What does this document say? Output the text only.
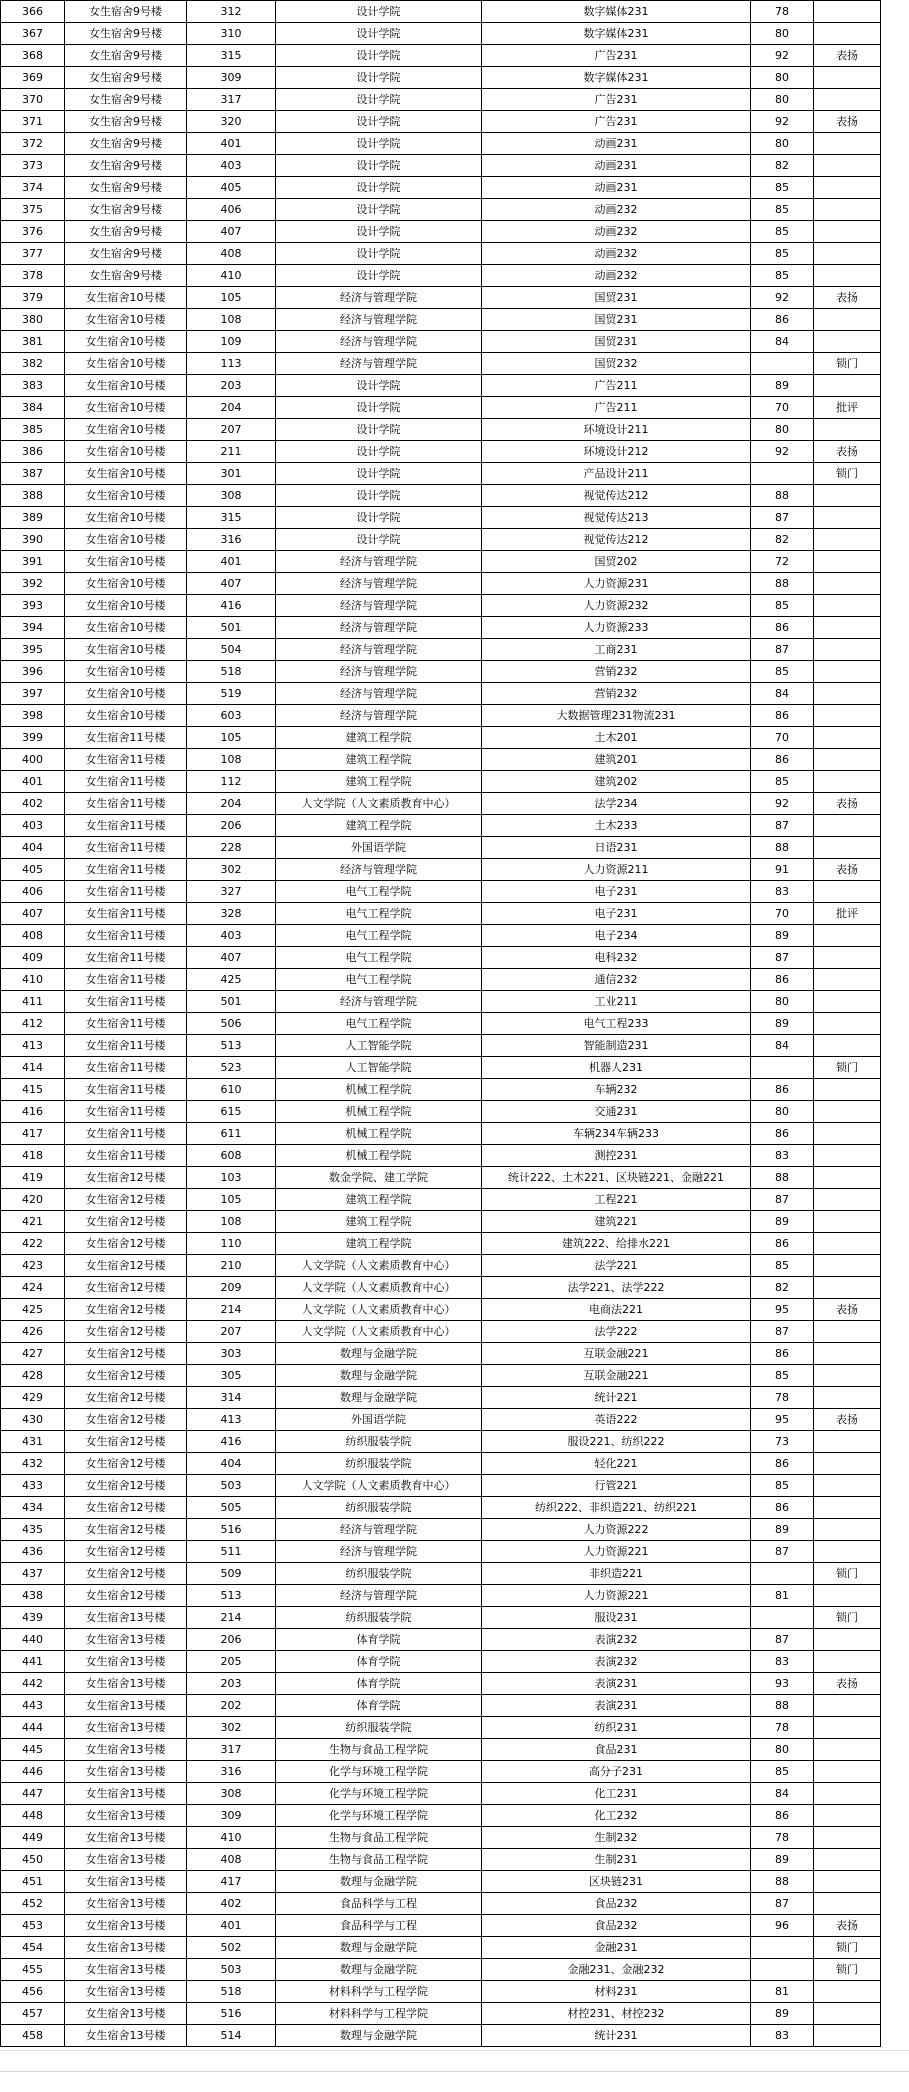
366	女生宿舍9号楼	312	设计学院	数字媒体231	78	
367	女生宿舍9号楼	310	设计学院	数字媒体231	80	
368	女生宿舍9号楼	315	设计学院	广告231	92	表扬
369	女生宿舍9号楼	309	设计学院	数字媒体231	80	
370	女生宿舍9号楼	317	设计学院	广告231	80	
371	女生宿舍9号楼	320	设计学院	广告231	92	表扬
372	女生宿舍9号楼	401	设计学院	动画231	80	
373	女生宿舍9号楼	403	设计学院	动画231	82	
374	女生宿舍9号楼	405	设计学院	动画231	85	
375	女生宿舍9号楼	406	设计学院	动画232	85	
376	女生宿舍9号楼	407	设计学院	动画232	85	
377	女生宿舍9号楼	408	设计学院	动画232	85	
378	女生宿舍9号楼	410	设计学院	动画232	85	
379	女生宿舍10号楼	105	经济与管理学院	国贸231	92	表扬
380	女生宿舍10号楼	108	经济与管理学院	国贸231	86	
381	女生宿舍10号楼	109	经济与管理学院	国贸231	84	
382	女生宿舍10号楼	113	经济与管理学院	国贸232		锁门
383	女生宿舍10号楼	203	设计学院	广告211	89	
384	女生宿舍10号楼	204	设计学院	广告211	70	批评
385	女生宿舍10号楼	207	设计学院	环境设计211	80	
386	女生宿舍10号楼	211	设计学院	环境设计212	92	表扬
387	女生宿舍10号楼	301	设计学院	产品设计211		锁门
388	女生宿舍10号楼	308	设计学院	视觉传达212	88	
389	女生宿舍10号楼	315	设计学院	视觉传达213	87	
390	女生宿舍10号楼	316	设计学院	视觉传达212	82	
391	女生宿舍10号楼	401	经济与管理学院	国贸202	72	
392	女生宿舍10号楼	407	经济与管理学院	人力资源231	88	
393	女生宿舍10号楼	416	经济与管理学院	人力资源232	85	
394	女生宿舍10号楼	501	经济与管理学院	人力资源233	86	
395	女生宿舍10号楼	504	经济与管理学院	工商231	87	
396	女生宿舍10号楼	518	经济与管理学院	营销232	85	
397	女生宿舍10号楼	519	经济与管理学院	营销232	84	
398	女生宿舍10号楼	603	经济与管理学院	大数据管理231物流231	86	
399	女生宿舍11号楼	105	建筑工程学院	土木201	70	
400	女生宿舍11号楼	108	建筑工程学院	建筑201	86	
401	女生宿舍11号楼	112	建筑工程学院	建筑202	85	
402	女生宿舍11号楼	204	人文学院（人文素质教育中心）	法学234	92	表扬
403	女生宿舍11号楼	206	建筑工程学院	土木233	87	
404	女生宿舍11号楼	228	外国语学院	日语231	88	
405	女生宿舍11号楼	302	经济与管理学院	人力资源211	91	表扬
406	女生宿舍11号楼	327	电气工程学院	电子231	83	
407	女生宿舍11号楼	328	电气工程学院	电子231	70	批评
408	女生宿舍11号楼	403	电气工程学院	电子234	89	
409	女生宿舍11号楼	407	电气工程学院	电科232	87	
410	女生宿舍11号楼	425	电气工程学院	通信232	86	
411	女生宿舍11号楼	501	经济与管理学院	工业211	80	
412	女生宿舍11号楼	506	电气工程学院	电气工程233	89	
413	女生宿舍11号楼	513	人工智能学院	智能制造231	84	
414	女生宿舍11号楼	523	人工智能学院	机器人231		锁门
415	女生宿舍11号楼	610	机械工程学院	车辆232	86	
416	女生宿舍11号楼	615	机械工程学院	交通231	80	
417	女生宿舍11号楼	611	机械工程学院	车辆234车辆233	86	
418	女生宿舍11号楼	608	机械工程学院	测控231	83	
419	女生宿舍12号楼	103	数金学院、建工学院	统计222、土木221、区块链221、金融221	88	
420	女生宿舍12号楼	105	建筑工程学院	工程221	87	
421	女生宿舍12号楼	108	建筑工程学院	建筑221	89	
422	女生宿舍12号楼	110	建筑工程学院	建筑222、给排水221	86	
423	女生宿舍12号楼	210	人文学院（人文素质教育中心）	法学221	85	
424	女生宿舍12号楼	209	人文学院（人文素质教育中心）	法学221、法学222	82	
425	女生宿舍12号楼	214	人文学院（人文素质教育中心）	电商法221	95	表扬
426	女生宿舍12号楼	207	人文学院（人文素质教育中心）	法学222	87	
427	女生宿舍12号楼	303	数理与金融学院	互联金融221	86	
428	女生宿舍12号楼	305	数理与金融学院	互联金融221	85	
429	女生宿舍12号楼	314	数理与金融学院	统计221	78	
430	女生宿舍12号楼	413	外国语学院	英语222	95	表扬
431	女生宿舍12号楼	416	纺织服装学院	服设221、纺织222	73	
432	女生宿舍12号楼	404	纺织服装学院	轻化221	86	
433	女生宿舍12号楼	503	人文学院（人文素质教育中心）	行管221	85	
434	女生宿舍12号楼	505	纺织服装学院	纺织222、非织造221、纺织221	86	
435	女生宿舍12号楼	516	经济与管理学院	人力资源222	89	
436	女生宿舍12号楼	511	经济与管理学院	人力资源221	87	
437	女生宿舍12号楼	509	纺织服装学院	非织造221		锁门
438	女生宿舍12号楼	513	经济与管理学院	人力资源221	81	
439	女生宿舍13号楼	214	纺织服装学院	服设231		锁门
440	女生宿舍13号楼	206	体育学院	表演232	87	
441	女生宿舍13号楼	205	体育学院	表演232	83	
442	女生宿舍13号楼	203	体育学院	表演231	93	表扬
443	女生宿舍13号楼	202	体育学院	表演231	88	
444	女生宿舍13号楼	302	纺织服装学院	纺织231	78	
445	女生宿舍13号楼	317	生物与食品工程学院	食品231	80	
446	女生宿舍13号楼	316	化学与环境工程学院	高分子231	85	
447	女生宿舍13号楼	308	化学与环境工程学院	化工231	84	
448	女生宿舍13号楼	309	化学与环境工程学院	化工232	86	
449	女生宿舍13号楼	410	生物与食品工程学院	生制232	78	
450	女生宿舍13号楼	408	生物与食品工程学院	生制231	89	
451	女生宿舍13号楼	417	数理与金融学院	区块链231	88	
452	女生宿舍13号楼	402	食品科学与工程	食品232	87	
453	女生宿舍13号楼	401	食品科学与工程	食品232	96	表扬
454	女生宿舍13号楼	502	数理与金融学院	金融231		锁门
455	女生宿舍13号楼	503	数理与金融学院	金融231、金融232		锁门
456	女生宿舍13号楼	518	材料科学与工程学院	材料231	81	
457	女生宿舍13号楼	516	材料科学与工程学院	材控231、材控232	89	
458	女生宿舍13号楼	514	数理与金融学院	统计231	83	
